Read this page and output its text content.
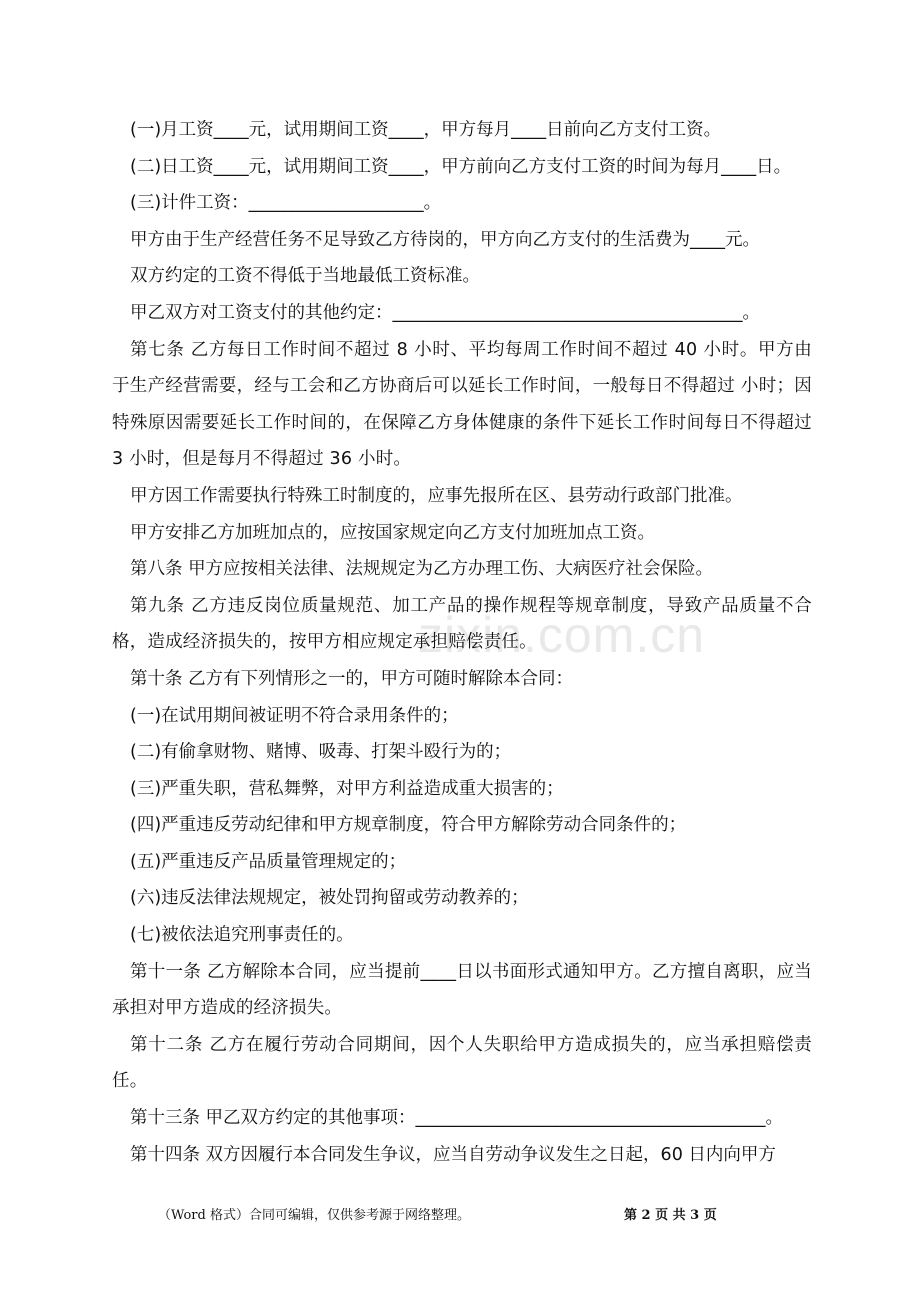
zixin.com.cn

(一)月工资____元，试用期间工资____，甲方每月____日前向乙方支付工资。

(二)日工资____元，试用期间工资____，甲方前向乙方支付工资的时间为每月____日。

(三)计件工资：____________________。

甲方由于生产经营任务不足导致乙方待岗的，甲方向乙方支付的生活费为____元。

双方约定的工资不得低于当地最低工资标准。

甲乙双方对工资支付的其他约定：________________________________________。

第七条 乙方每日工作时间不超过 8 小时、平均每周工作时间不超过 40 小时。甲方由于生产经营需要，经与工会和乙方协商后可以延长工作时间，一般每日不得超过 小时；因特殊原因需要延长工作时间的，在保障乙方身体健康的条件下延长工作时间每日不得超过 3 小时，但是每月不得超过 36 小时。

甲方因工作需要执行特殊工时制度的，应事先报所在区、县劳动行政部门批准。

甲方安排乙方加班加点的，应按国家规定向乙方支付加班加点工资。

第八条 甲方应按相关法律、法规规定为乙方办理工伤、大病医疗社会保险。

第九条 乙方违反岗位质量规范、加工产品的操作规程等规章制度，导致产品质量不合格，造成经济损失的，按甲方相应规定承担赔偿责任。

第十条 乙方有下列情形之一的，甲方可随时解除本合同：

(一)在试用期间被证明不符合录用条件的；

(二)有偷拿财物、赌博、吸毒、打架斗殴行为的；

(三)严重失职，营私舞弊，对甲方利益造成重大损害的；

(四)严重违反劳动纪律和甲方规章制度，符合甲方解除劳动合同条件的；

(五)严重违反产品质量管理规定的；

(六)违反法律法规规定，被处罚拘留或劳动教养的；

(七)被依法追究刑事责任的。

第十一条 乙方解除本合同，应当提前____日以书面形式通知甲方。乙方擅自离职，应当承担对甲方造成的经济损失。

第十二条 乙方在履行劳动合同期间，因个人失职给甲方造成损失的，应当承担赔偿责任。

第十三条 甲乙双方约定的其他事项：________________________________________。

第十四条 双方因履行本合同发生争议，应当自劳动争议发生之日起，60 日内向甲方

（Word 格式）合同可编辑，仅供参考源于网络整理。	第 2 页 共 3 页
